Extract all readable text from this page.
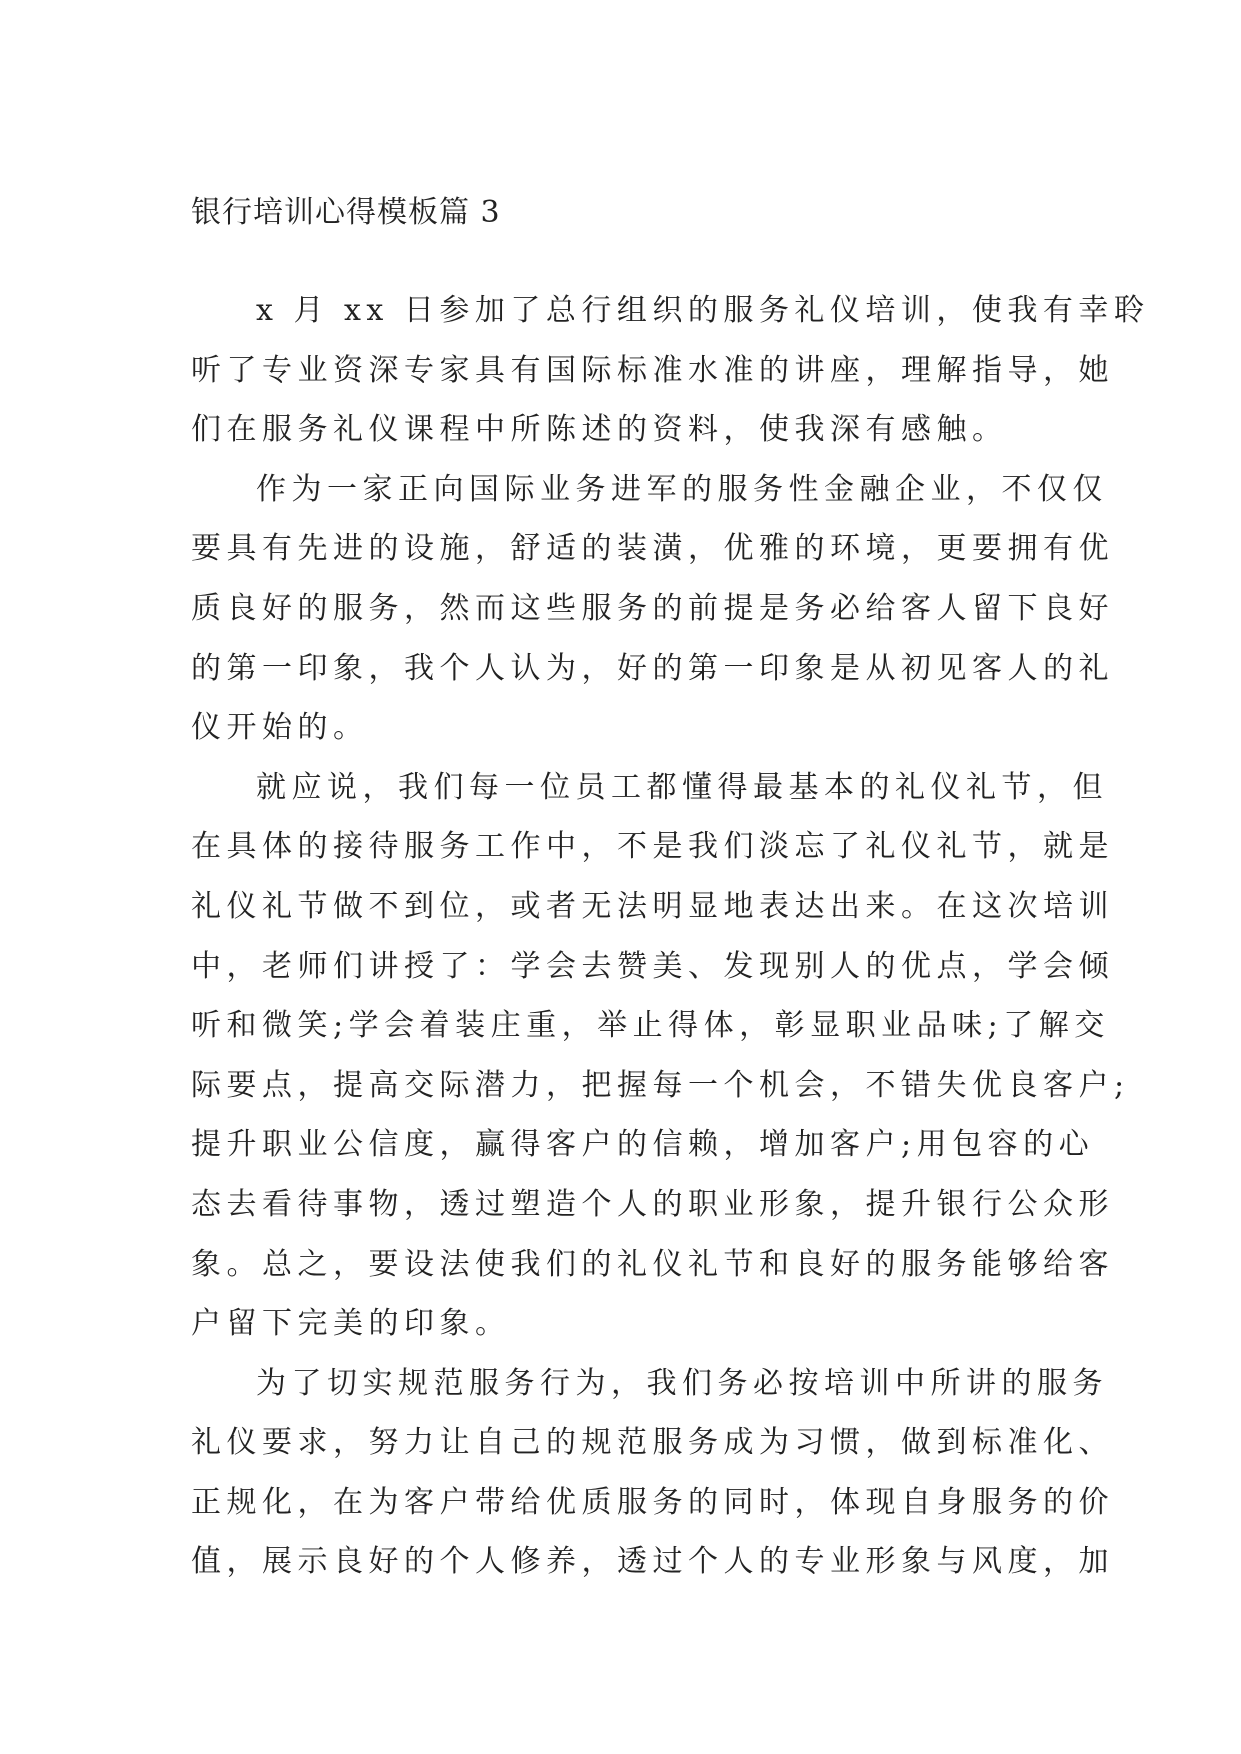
银行培训心得模板篇 3
x 月 xx 日参加了总行组织的服务礼仪培训，使我有幸聆
听了专业资深专家具有国际标准水准的讲座，理解指导，她
们在服务礼仪课程中所陈述的资料，使我深有感触。
作为一家正向国际业务进军的服务性金融企业，不仅仅
要具有先进的设施，舒适的装潢，优雅的环境，更要拥有优
质良好的服务，然而这些服务的前提是务必给客人留下良好
的第一印象，我个人认为，好的第一印象是从初见客人的礼
仪开始的。
就应说，我们每一位员工都懂得最基本的礼仪礼节，但
在具体的接待服务工作中，不是我们淡忘了礼仪礼节，就是
礼仪礼节做不到位，或者无法明显地表达出来。在这次培训
中，老师们讲授了：学会去赞美、发现别人的优点，学会倾
听和微笑;学会着装庄重，举止得体，彰显职业品味;了解交
际要点，提高交际潜力，把握每一个机会，不错失优良客户;
提升职业公信度，赢得客户的信赖，增加客户;用包容的心
态去看待事物，透过塑造个人的职业形象，提升银行公众形
象。总之，要设法使我们的礼仪礼节和良好的服务能够给客
户留下完美的印象。
为了切实规范服务行为，我们务必按培训中所讲的服务
礼仪要求，努力让自己的规范服务成为习惯，做到标准化、
正规化，在为客户带给优质服务的同时，体现自身服务的价
值，展示良好的个人修养，透过个人的专业形象与风度，加
